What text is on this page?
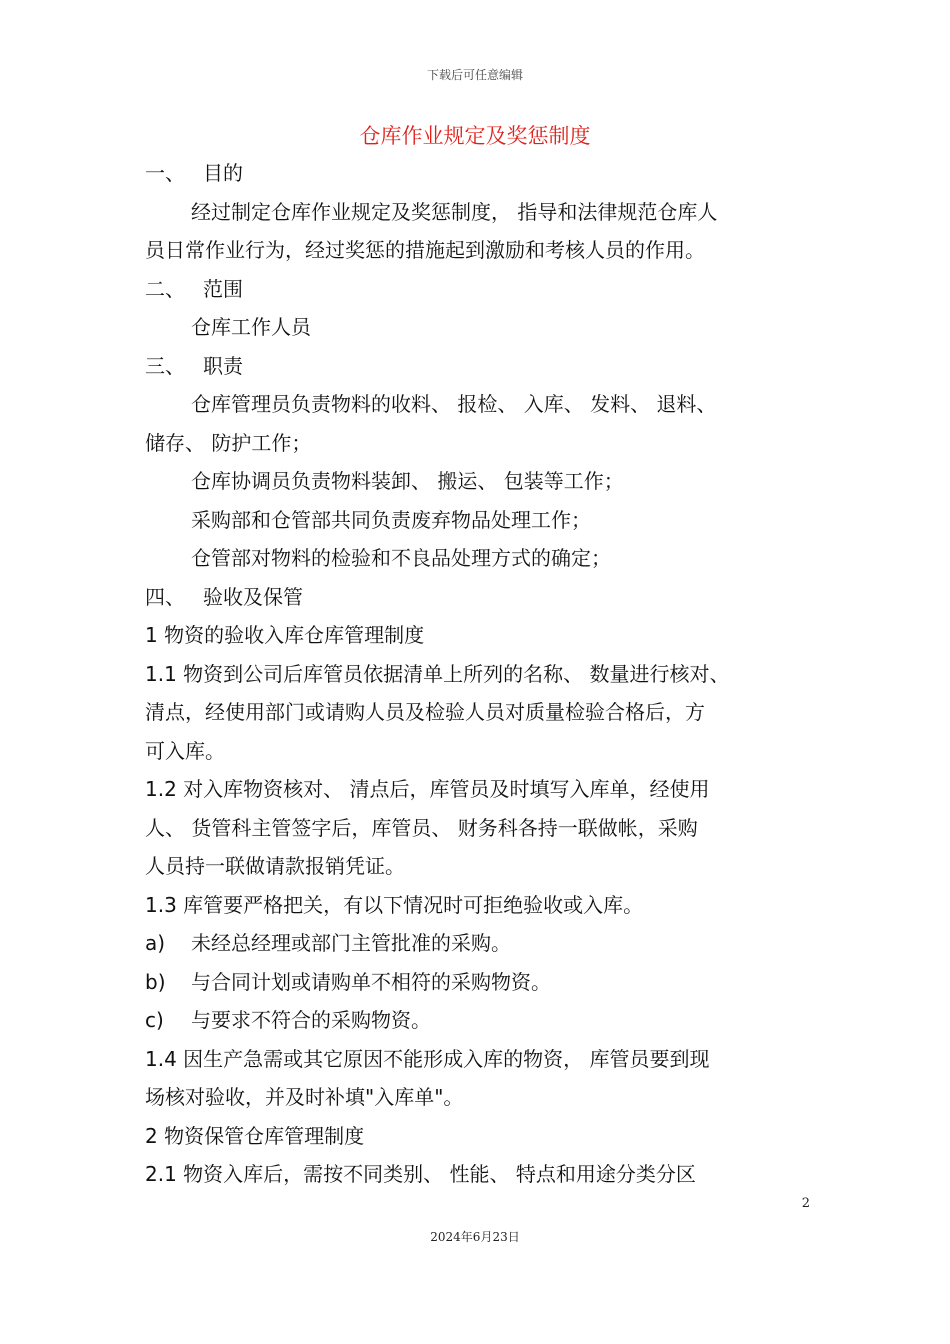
下载后可任意编辑
仓库作业规定及奖惩制度
一、 目的
经过制定仓库作业规定及奖惩制度， 指导和法律规范仓库人
员日常作业行为，经过奖惩的措施起到激励和考核人员的作用。
二、 范围
仓库工作人员
三、 职责
仓库管理员负责物料的收料、 报检、 入库、 发料、 退料、
储存、 防护工作；
仓库协调员负责物料装卸、 搬运、 包装等工作；
采购部和仓管部共同负责废弃物品处理工作；
仓管部对物料的检验和不良品处理方式的确定；
四、 验收及保管
1 物资的验收入库仓库管理制度
1.1 物资到公司后库管员依据清单上所列的名称、 数量进行核对、
清点，经使用部门或请购人员及检验人员对质量检验合格后，方
可入库。
1.2 对入库物资核对、 清点后，库管员及时填写入库单，经使用
人、 货管科主管签字后，库管员、 财务科各持一联做帐，采购
人员持一联做请款报销凭证。
1.3 库管要严格把关，有以下情况时可拒绝验收或入库。
a) 未经总经理或部门主管批准的采购。
b) 与合同计划或请购单不相符的采购物资。
c) 与要求不符合的采购物资。
1.4 因生产急需或其它原因不能形成入库的物资， 库管员要到现
场核对验收，并及时补填"入库单"。
2 物资保管仓库管理制度
2.1 物资入库后，需按不同类别、 性能、 特点和用途分类分区
2
2024年6月23日
